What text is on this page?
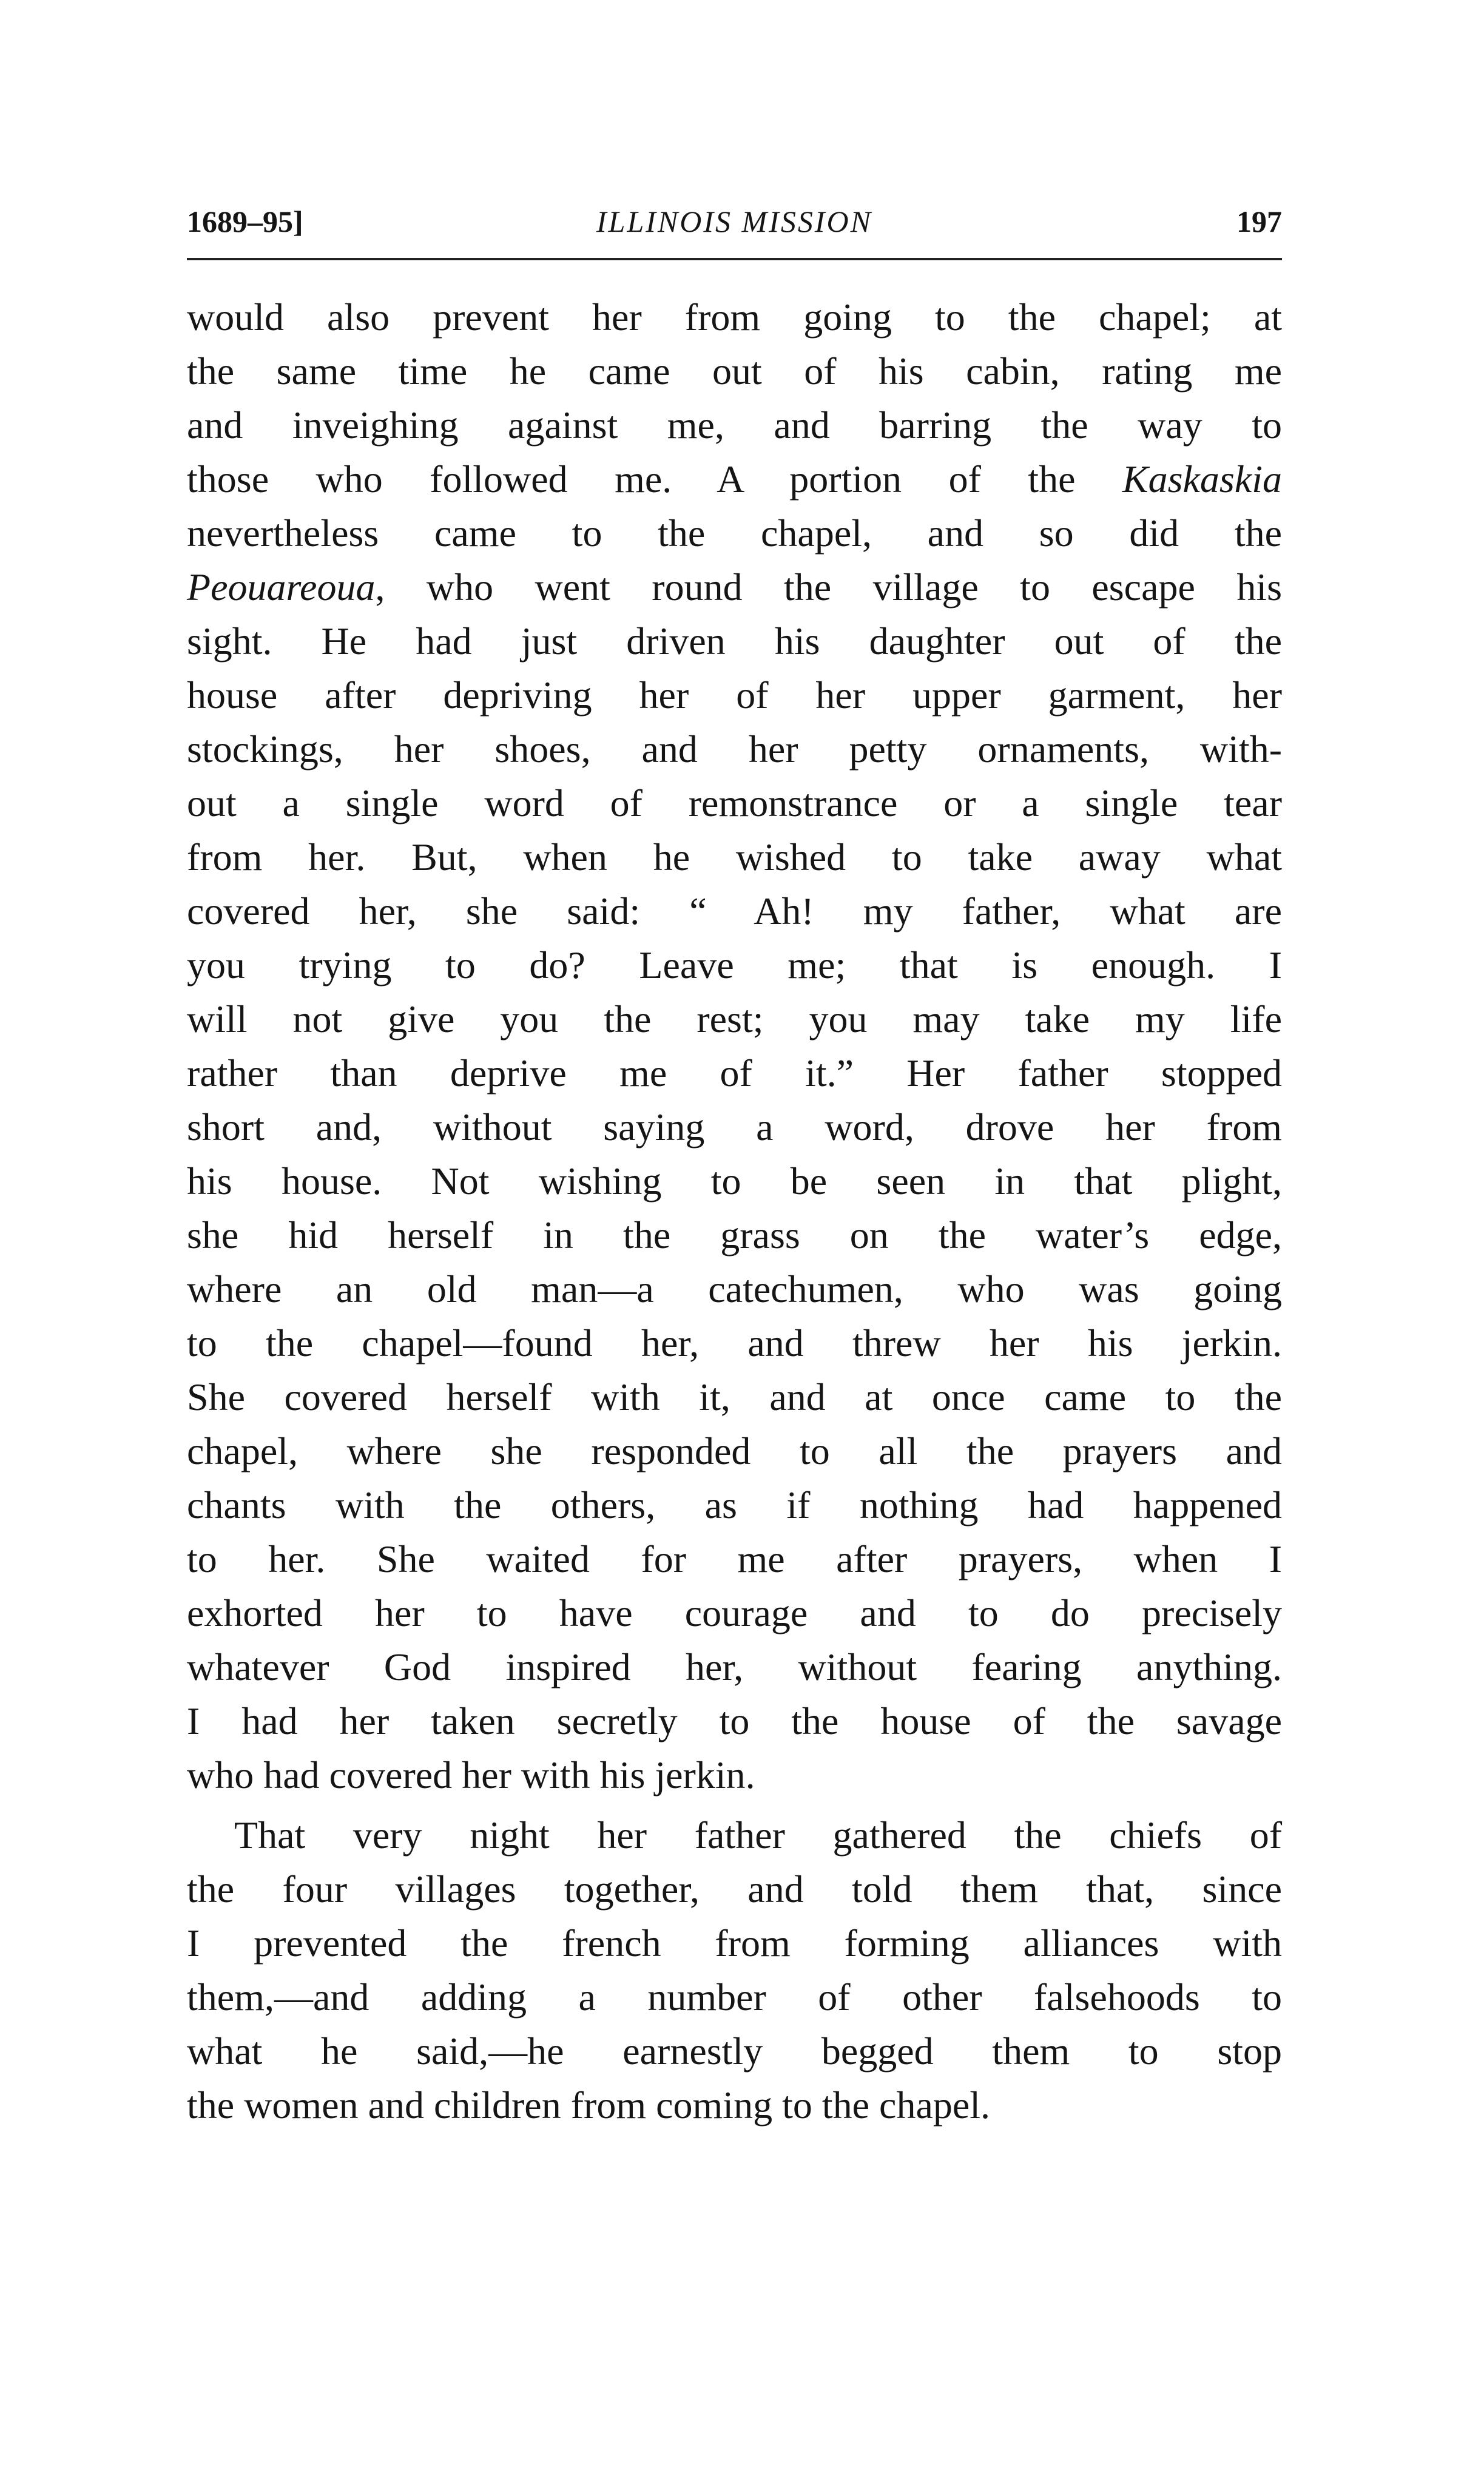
1689–95]	ILLINOIS MISSION	197
would also prevent her from going to the chapel; at
the same time he came out of his cabin, rating me
and inveighing against me, and barring the way to
those who followed me. A portion of the Kaskaskia
nevertheless came to the chapel, and so did the
Peouareoua, who went round the village to escape his
sight. He had just driven his daughter out of the
house after depriving her of her upper garment, her
stockings, her shoes, and her petty ornaments, with-
out a single word of remonstrance or a single tear
from her. But, when he wished to take away what
covered her, she said: “ Ah! my father, what are
you trying to do? Leave me; that is enough. I
will not give you the rest; you may take my life
rather than deprive me of it.” Her father stopped
short and, without saying a word, drove her from
his house. Not wishing to be seen in that plight,
she hid herself in the grass on the water’s edge,
where an old man—a catechumen, who was going
to the chapel—found her, and threw her his jerkin.
She covered herself with it, and at once came to the
chapel, where she responded to all the prayers and
chants with the others, as if nothing had happened
to her. She waited for me after prayers, when I
exhorted her to have courage and to do precisely
whatever God inspired her, without fearing anything.
I had her taken secretly to the house of the savage
who had covered her with his jerkin.
That very night her father gathered the chiefs of
the four villages together, and told them that, since
I prevented the french from forming alliances with
them,—and adding a number of other falsehoods to
what he said,—he earnestly begged them to stop
the women and children from coming to the chapel.
